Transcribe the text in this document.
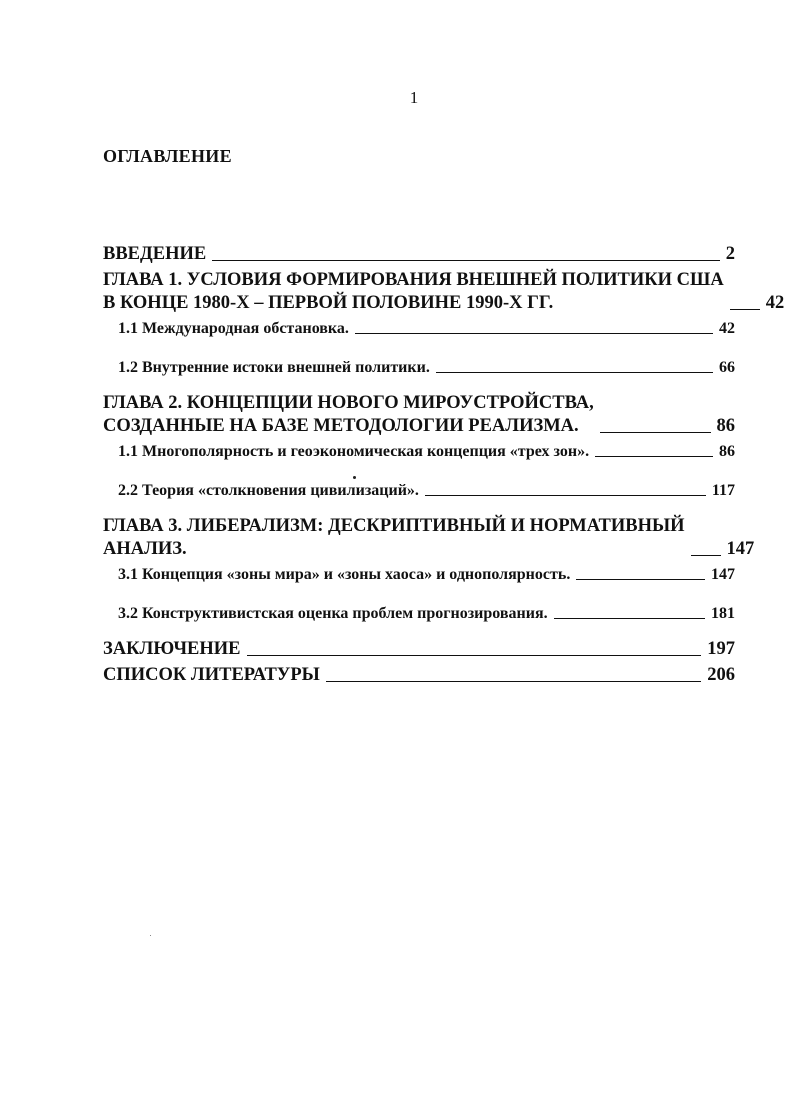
1
ОГЛАВЛЕНИЕ
ВВЕДЕНИЕ	2
ГЛАВА 1. УСЛОВИЯ ФОРМИРОВАНИЯ ВНЕШНЕЙ ПОЛИТИКИ США
В КОНЦЕ 1980-Х – ПЕРВОЙ ПОЛОВИНЕ 1990-Х ГГ.	42
1.1 Международная обстановка.	42
1.2 Внутренние истоки внешней политики.	66
ГЛАВА 2. КОНЦЕПЦИИ НОВОГО МИРОУСТРОЙСТВА,
СОЗДАННЫЕ НА БАЗЕ МЕТОДОЛОГИИ РЕАЛИЗМА.	86
1.1 Многополярность и геоэкономическая концепция «трех зон».	86
2.2 Теория «столкновения цивилизаций».	117
ГЛАВА 3. ЛИБЕРАЛИЗМ: ДЕСКРИПТИВНЫЙ И НОРМАТИВНЫЙ
АНАЛИЗ.	147
3.1 Концепция «зоны мира» и «зоны хаоса» и однополярность.	147
3.2 Конструктивистская оценка проблем прогнозирования.	181
ЗАКЛЮЧЕНИЕ	197
СПИСОК ЛИТЕРАТУРЫ	206
